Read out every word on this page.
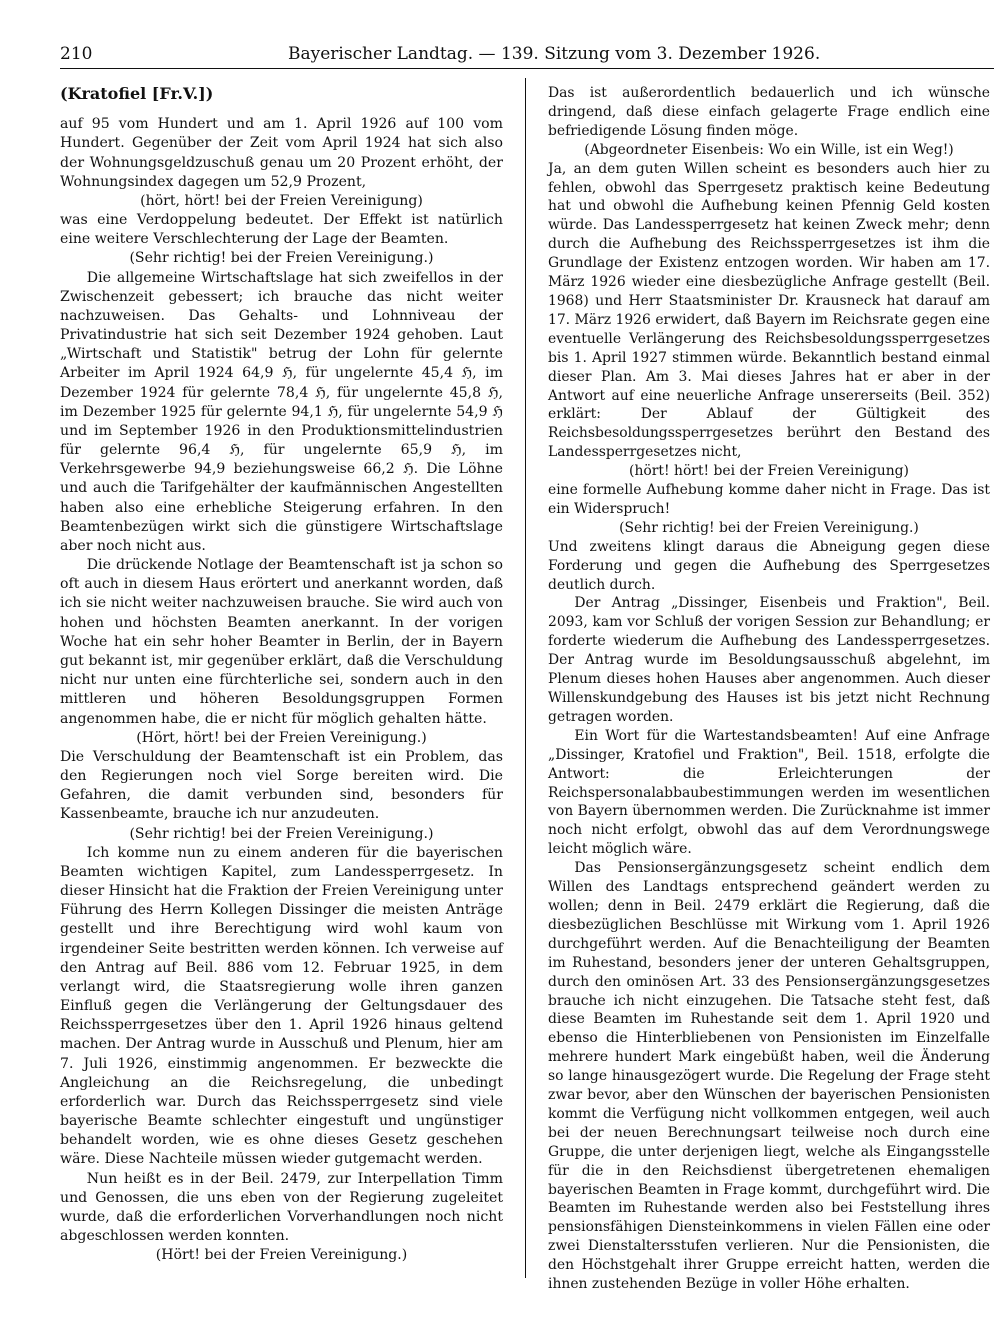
210	Bayerischer Landtag. — 139. Sitzung vom 3. Dezember 1926.

(Kratofiel [Fr.V.])

auf 95 vom Hundert und am 1. April 1926 auf 100 vom Hundert. Gegenüber der Zeit vom April 1924 hat sich also der Wohnungsgeldzuschuß genau um 20 Prozent erhöht, der Wohnungsindex dagegen um 52,9 Prozent,

(hört, hört! bei der Freien Vereinigung)

was eine Verdoppelung bedeutet. Der Effekt ist natürlich eine weitere Verschlechterung der Lage der Beamten.

(Sehr richtig! bei der Freien Vereinigung.)

Die allgemeine Wirtschaftslage hat sich zweifellos in der Zwischenzeit gebessert; ich brauche das nicht weiter nachzuweisen. Das Gehalts- und Lohnniveau der Privatindustrie hat sich seit Dezember 1924 gehoben. Laut „Wirtschaft und Statistik" betrug der Lohn für gelernte Arbeiter im April 1924 64,9 ℌ, für ungelernte 45,4 ℌ, im Dezember 1924 für gelernte 78,4 ℌ, für ungelernte 45,8 ℌ, im Dezember 1925 für gelernte 94,1 ℌ, für ungelernte 54,9 ℌ und im September 1926 in den Produktionsmittelindustrien für gelernte 96,4 ℌ, für ungelernte 65,9 ℌ, im Verkehrsgewerbe 94,9 beziehungsweise 66,2 ℌ. Die Löhne und auch die Tarifgehälter der kaufmännischen Angestellten haben also eine erhebliche Steigerung erfahren. In den Beamtenbezügen wirkt sich die günstigere Wirtschaftslage aber noch nicht aus.

Die drückende Notlage der Beamtenschaft ist ja schon so oft auch in diesem Haus erörtert und anerkannt worden, daß ich sie nicht weiter nachzuweisen brauche. Sie wird auch von hohen und höchsten Beamten anerkannt. In der vorigen Woche hat ein sehr hoher Beamter in Berlin, der in Bayern gut bekannt ist, mir gegenüber erklärt, daß die Verschuldung nicht nur unten eine fürchterliche sei, sondern auch in den mittleren und höheren Besoldungsgruppen Formen angenommen habe, die er nicht für möglich gehalten hätte.

(Hört, hört! bei der Freien Vereinigung.)

Die Verschuldung der Beamtenschaft ist ein Problem, das den Regierungen noch viel Sorge bereiten wird. Die Gefahren, die damit verbunden sind, besonders für Kassenbeamte, brauche ich nur anzudeuten.

(Sehr richtig! bei der Freien Vereinigung.)

Ich komme nun zu einem anderen für die bayerischen Beamten wichtigen Kapitel, zum Landessperrgesetz. In dieser Hinsicht hat die Fraktion der Freien Vereinigung unter Führung des Herrn Kollegen Dissinger die meisten Anträge gestellt und ihre Berechtigung wird wohl kaum von irgendeiner Seite bestritten werden können. Ich verweise auf den Antrag auf Beil. 886 vom 12. Februar 1925, in dem verlangt wird, die Staatsregierung wolle ihren ganzen Einfluß gegen die Verlängerung der Geltungsdauer des Reichssperrgesetzes über den 1. April 1926 hinaus geltend machen. Der Antrag wurde in Ausschuß und Plenum, hier am 7. Juli 1926, einstimmig angenommen. Er bezweckte die Angleichung an die Reichsregelung, die unbedingt erforderlich war. Durch das Reichssperrgesetz sind viele bayerische Beamte schlechter eingestuft und ungünstiger behandelt worden, wie es ohne dieses Gesetz geschehen wäre. Diese Nachteile müssen wieder gutgemacht werden.

Nun heißt es in der Beil. 2479, zur Interpellation Timm und Genossen, die uns eben von der Regierung zugeleitet wurde, daß die erforderlichen Vorverhandlungen noch nicht abgeschlossen werden konnten.

(Hört! bei der Freien Vereinigung.)

Das ist außerordentlich bedauerlich und ich wünsche dringend, daß diese einfach gelagerte Frage endlich eine befriedigende Lösung finden möge.

(Abgeordneter Eisenbeis: Wo ein Wille, ist ein Weg!)

Ja, an dem guten Willen scheint es besonders auch hier zu fehlen, obwohl das Sperrgesetz praktisch keine Bedeutung hat und obwohl die Aufhebung keinen Pfennig Geld kosten würde. Das Landessperrgesetz hat keinen Zweck mehr; denn durch die Aufhebung des Reichssperrgesetzes ist ihm die Grundlage der Existenz entzogen worden. Wir haben am 17. März 1926 wieder eine diesbezügliche Anfrage gestellt (Beil. 1968) und Herr Staatsminister Dr. Krausneck hat darauf am 17. März 1926 erwidert, daß Bayern im Reichsrate gegen eine eventuelle Verlängerung des Reichsbesoldungssperrgesetzes bis 1. April 1927 stimmen würde. Bekanntlich bestand einmal dieser Plan. Am 3. Mai dieses Jahres hat er aber in der Antwort auf eine neuerliche Anfrage unsererseits (Beil. 352) erklärt: Der Ablauf der Gültigkeit des Reichsbesoldungssperrgesetzes berührt den Bestand des Landessperrgesetzes nicht,

(hört! hört! bei der Freien Vereinigung)

eine formelle Aufhebung komme daher nicht in Frage. Das ist ein Widerspruch!

(Sehr richtig! bei der Freien Vereinigung.)

Und zweitens klingt daraus die Abneigung gegen diese Forderung und gegen die Aufhebung des Sperrgesetzes deutlich durch.

Der Antrag „Dissinger, Eisenbeis und Fraktion", Beil. 2093, kam vor Schluß der vorigen Session zur Behandlung; er forderte wiederum die Aufhebung des Landessperrgesetzes. Der Antrag wurde im Besoldungsausschuß abgelehnt, im Plenum dieses hohen Hauses aber angenommen. Auch dieser Willenskundgebung des Hauses ist bis jetzt nicht Rechnung getragen worden.

Ein Wort für die Wartestandsbeamten! Auf eine Anfrage „Dissinger, Kratofiel und Fraktion", Beil. 1518, erfolgte die Antwort: die Erleichterungen der Reichspersonalabbaubestimmungen werden im wesentlichen von Bayern übernommen werden. Die Zurücknahme ist immer noch nicht erfolgt, obwohl das auf dem Verordnungswege leicht möglich wäre.

Das Pensionsergänzungsgesetz scheint endlich dem Willen des Landtags entsprechend geändert werden zu wollen; denn in Beil. 2479 erklärt die Regierung, daß die diesbezüglichen Beschlüsse mit Wirkung vom 1. April 1926 durchgeführt werden. Auf die Benachteiligung der Beamten im Ruhestand, besonders jener der unteren Gehaltsgruppen, durch den ominösen Art. 33 des Pensionsergänzungsgesetzes brauche ich nicht einzugehen. Die Tatsache steht fest, daß diese Beamten im Ruhestande seit dem 1. April 1920 und ebenso die Hinterbliebenen von Pensionisten im Einzelfalle mehrere hundert Mark eingebüßt haben, weil die Änderung so lange hinausgezögert wurde. Die Regelung der Frage steht zwar bevor, aber den Wünschen der bayerischen Pensionisten kommt die Verfügung nicht vollkommen entgegen, weil auch bei der neuen Berechnungsart teilweise noch durch eine Gruppe, die unter derjenigen liegt, welche als Eingangsstelle für die in den Reichsdienst übergetretenen ehemaligen bayerischen Beamten in Frage kommt, durchgeführt wird. Die Beamten im Ruhestande werden also bei Feststellung ihres pensionsfähigen Diensteinkommens in vielen Fällen eine oder zwei Dienstaltersstufen verlieren. Nur die Pensionisten, die den Höchstgehalt ihrer Gruppe erreicht hatten, werden die ihnen zustehenden Bezüge in voller Höhe erhalten.
